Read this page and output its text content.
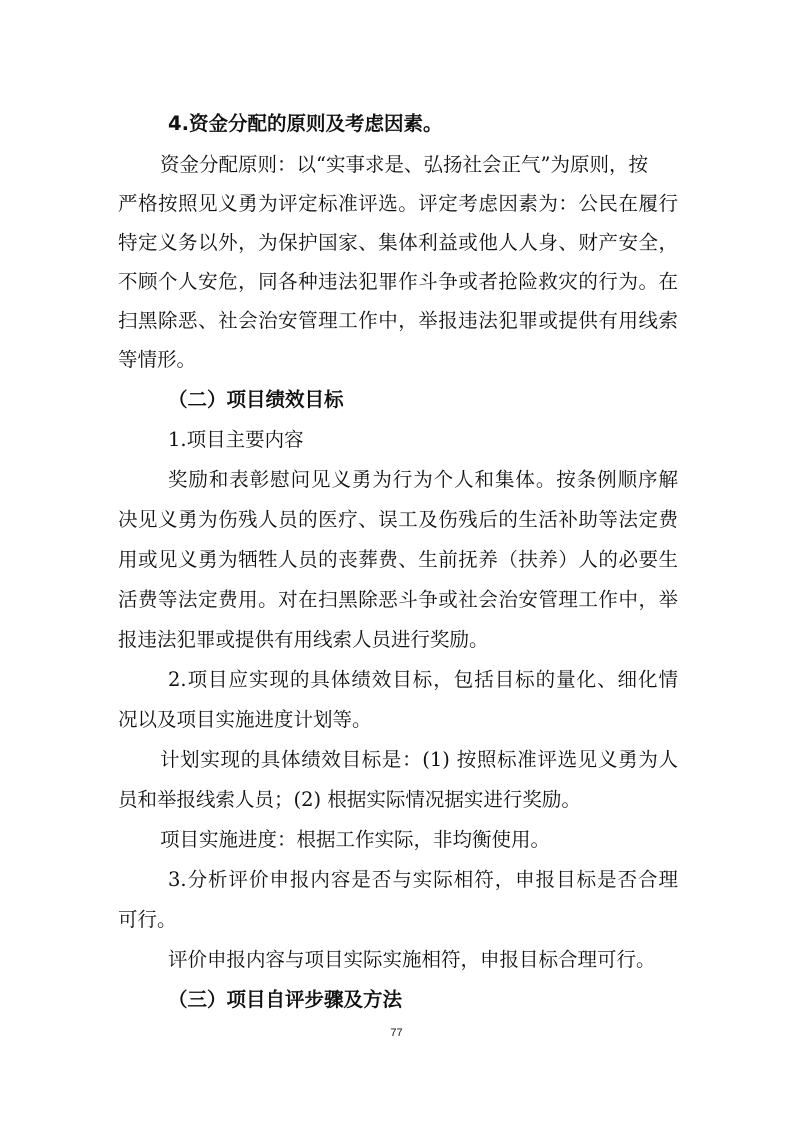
4.资金分配的原则及考虑因素。
资金分配原则：以“实事求是、弘扬社会正气”为原则，按
严格按照见义勇为评定标准评选。评定考虑因素为：公民在履行
特定义务以外，为保护国家、集体利益或他人人身、财产安全，
不顾个人安危，同各种违法犯罪作斗争或者抢险救灾的行为。在
扫黑除恶、社会治安管理工作中，举报违法犯罪或提供有用线索
等情形。
（二）项目绩效目标
1.项目主要内容
奖励和表彰慰问见义勇为行为个人和集体。按条例顺序解
决见义勇为伤残人员的医疗、误工及伤残后的生活补助等法定费
用或见义勇为牺牲人员的丧葬费、生前抚养（扶养）人的必要生
活费等法定费用。对在扫黑除恶斗争或社会治安管理工作中，举
报违法犯罪或提供有用线索人员进行奖励。
2.项目应实现的具体绩效目标，包括目标的量化、细化情
况以及项目实施进度计划等。
计划实现的具体绩效目标是：(1) 按照标准评选见义勇为人
员和举报线索人员；(2) 根据实际情况据实进行奖励。
项目实施进度：根据工作实际，非均衡使用。
3.分析评价申报内容是否与实际相符，申报目标是否合理
可行。
评价申报内容与项目实际实施相符，申报目标合理可行。
（三）项目自评步骤及方法
77
